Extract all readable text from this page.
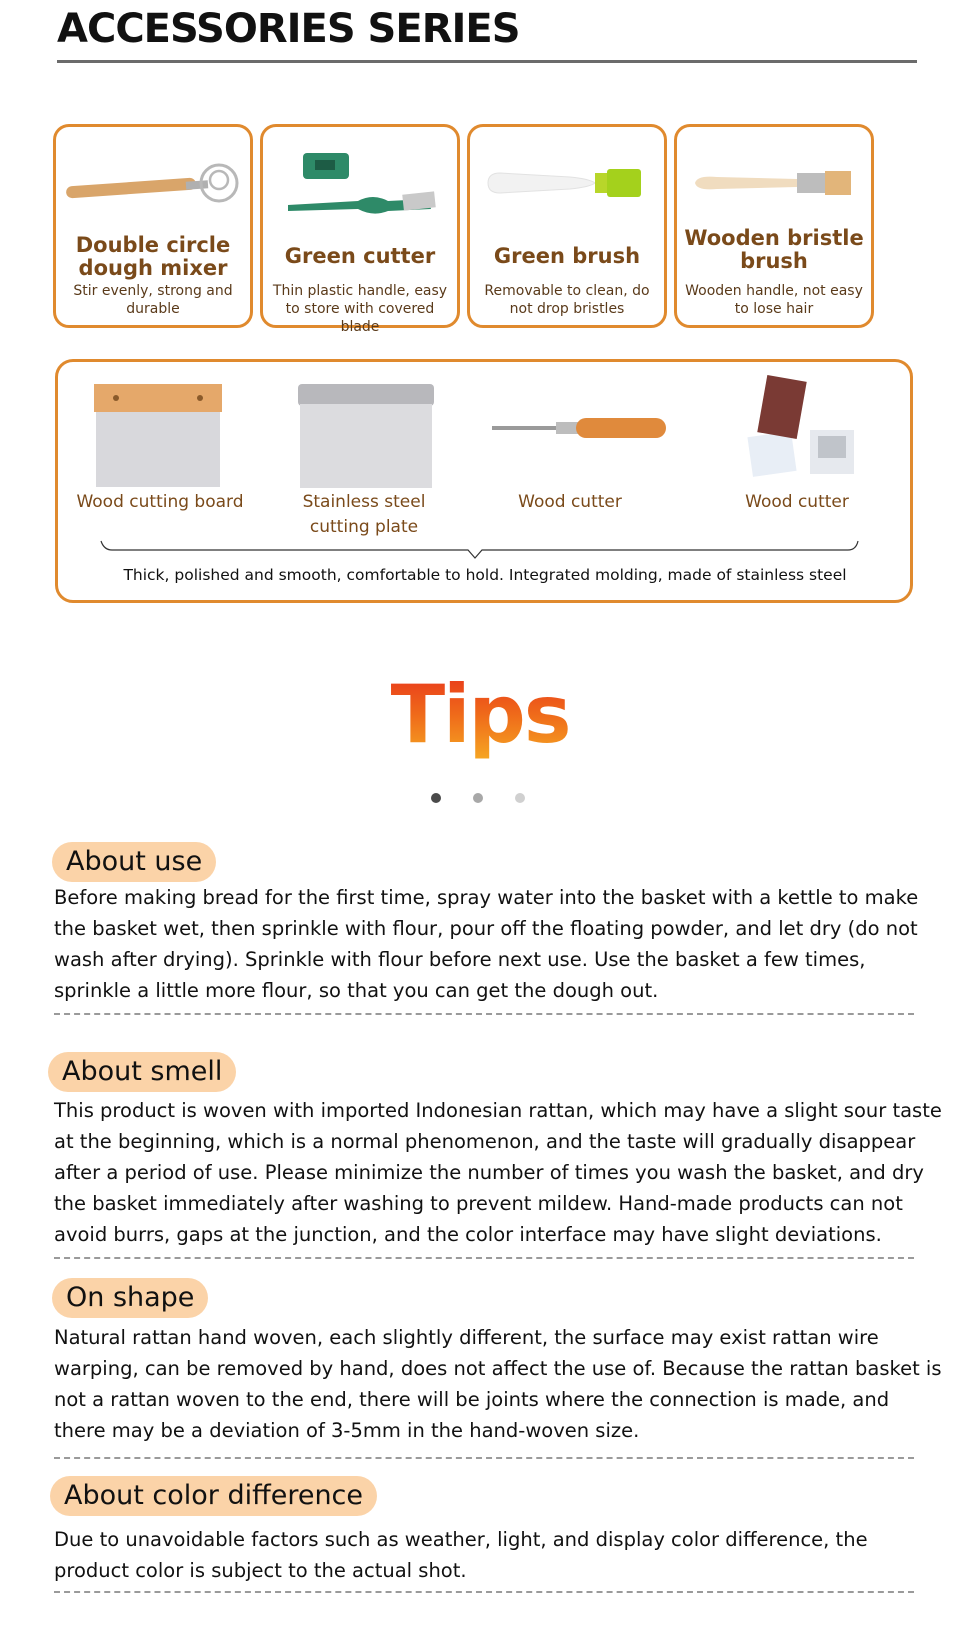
ACCESSORIES SERIES
Double circle dough mixer
Stir evenly, strong and durable
Green cutter
Thin plastic handle, easy to store with covered blade
Green brush
Removable to clean, do not drop bristles
Wooden bristle brush
Wooden handle, not easy to lose hair
Wood cutting board	Stainless steel cutting plate
Wood cutter	Wood cutter
Thick, polished and smooth, comfortable to hold. Integrated molding, made of stainless steel
Tips
About use
Before making bread for the first time, spray water into the basket with a kettle to make the basket wet, then sprinkle with flour, pour off the floating powder, and let dry (do not wash after drying). Sprinkle with flour before next use. Use the basket a few times, sprinkle a little more flour, so that you can get the dough out.
About smell
This product is woven with imported Indonesian rattan, which may have a slight sour taste at the beginning, which is a normal phenomenon, and the taste will gradually disappear after a period of use. Please minimize the number of times you wash the basket, and dry the basket immediately after washing to prevent mildew. Hand-made products can not avoid burrs, gaps at the junction, and the color interface may have slight deviations.
On shape
Natural rattan hand woven, each slightly different, the surface may exist rattan wire warping, can be removed by hand, does not affect the use of. Because the rattan basket is not a rattan woven to the end, there will be joints where the connection is made, and there may be a deviation of 3-5mm in the hand-woven size.
About color difference
Due to unavoidable factors such as weather, light, and display color difference, the product color is subject to the actual shot.
